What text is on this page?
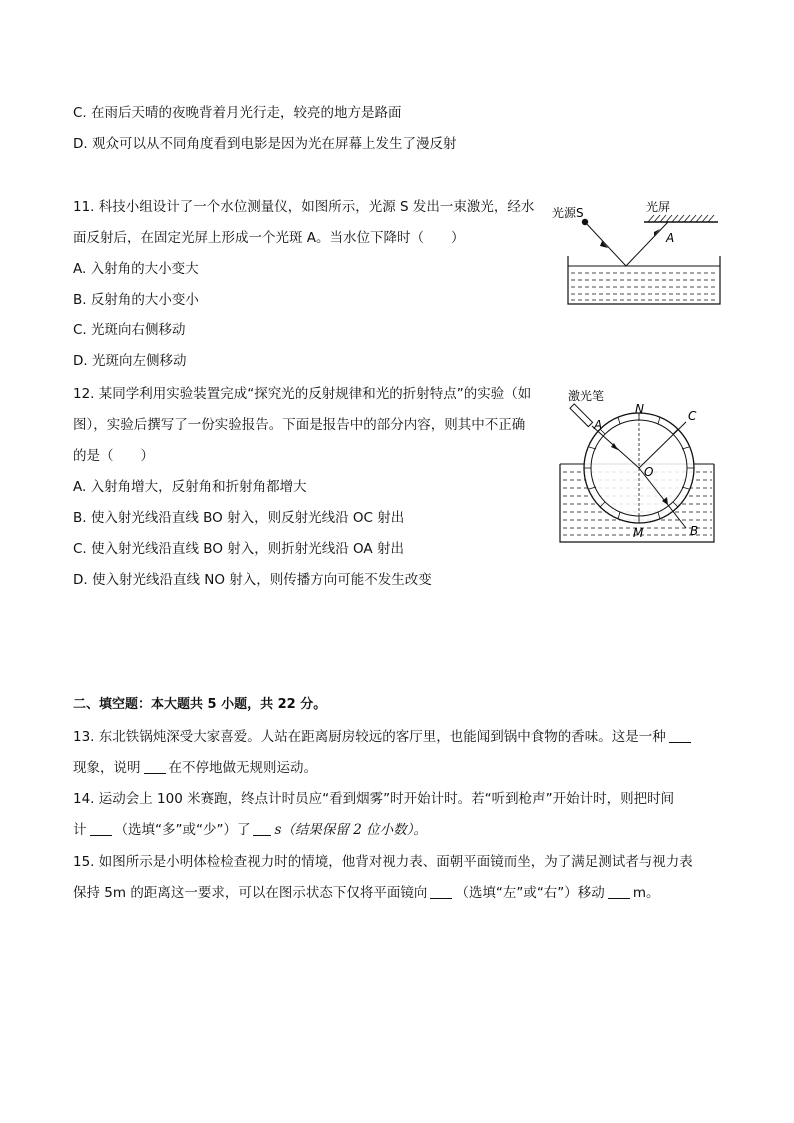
C. 在雨后天晴的夜晚背着月光行走，较亮的地方是路面
D. 观众可以从不同角度看到电影是因为光在屏幕上发生了漫反射
11. 科技小组设计了一个水位测量仪，如图所示，光源 S 发出一束激光，经水面反射后，在固定光屏上形成一个光斑 A。当水位下降时（　　）
A. 入射角的大小变大
B. 反射角的大小变小
C. 光斑向右侧移动
D. 光斑向左侧移动
光源S	光屏
A
12. 某同学利用实验装置完成“探究光的反射规律和光的折射特点”的实验（如图），实验后撰写了一份实验报告。下面是报告中的部分内容，则其中不正确的是（　　）
A. 入射角增大，反射角和折射角都增大
B. 使入射光线沿直线 BO 射入，则反射光线沿 OC 射出
C. 使入射光线沿直线 BO 射入，则折射光线沿 OA 射出
D. 使入射光线沿直线 NO 射入，则传播方向可能不发生改变
激光笔
A
N	C
O
M	B
二、填空题：本大题共 5 小题，共 22 分。
13. 东北铁锅炖深受大家喜爱。人站在距离厨房较远的客厅里，也能闻到锅中食物的香味。这是一种
现象，说明 在不停地做无规则运动。
14. 运动会上 100 米赛跑，终点计时员应“看到烟雾”时开始计时。若“听到枪声”开始计时，则把时间
计 （选填“多”或“少”）了 s（结果保留 2 位小数）。
15. 如图所示是小明体检检查视力时的情境，他背对视力表、面朝平面镜而坐，为了满足测试者与视力表
保持 5m 的距离这一要求，可以在图示状态下仅将平面镜向 （选填“左”或“右”）移动 m。
